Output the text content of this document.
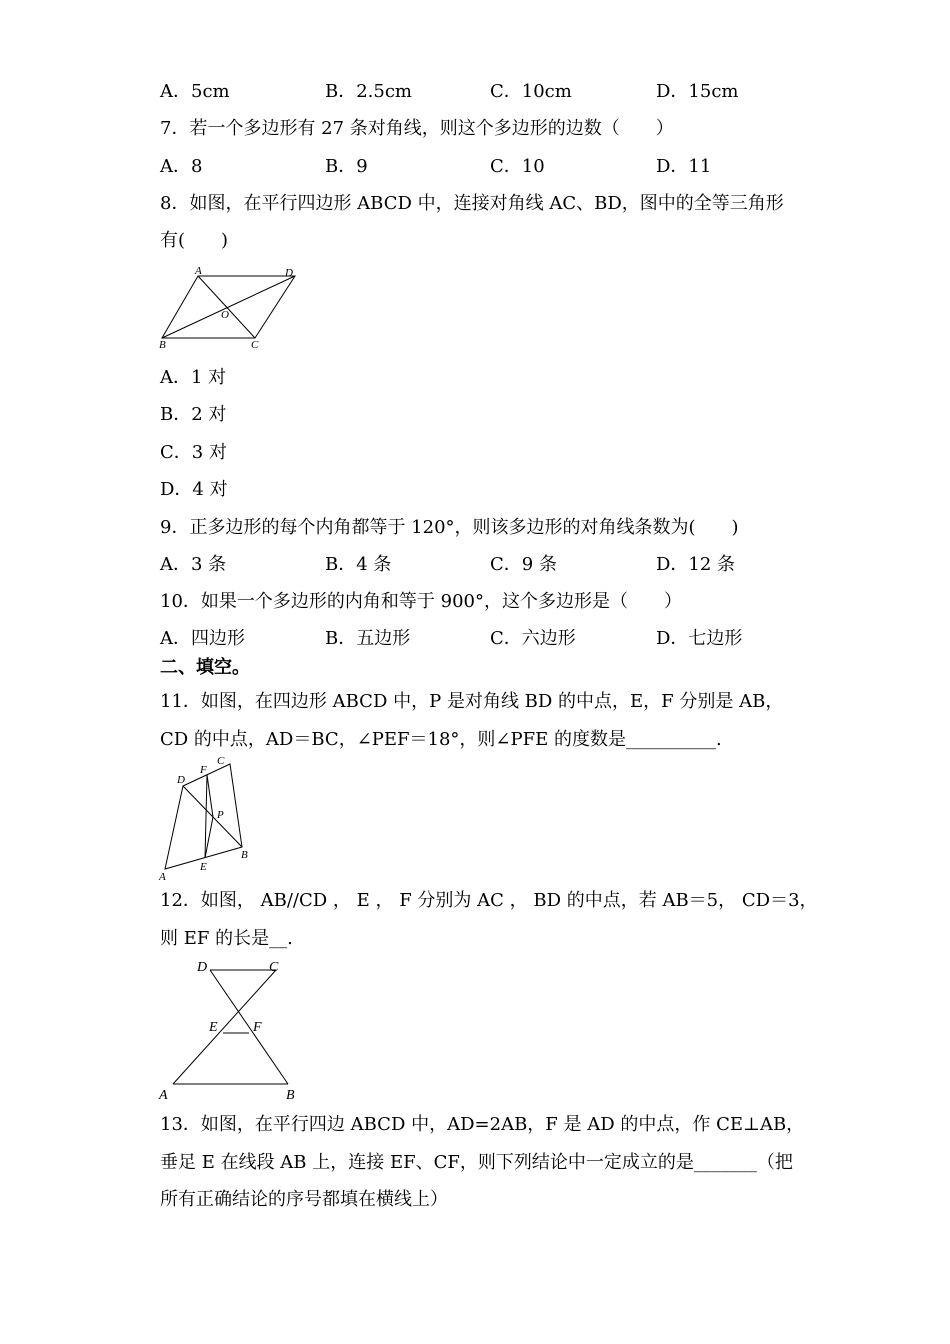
A．5cm	B．2.5cm	C．10cm	D．15cm
7．若一个多边形有 27 条对角线，则这个多边形的边数（　　）
A．8	B．9	C．10	D．11
8．如图，在平行四边形 ABCD 中，连接对角线 AC、BD，图中的全等三角形
有(　　)
A	D
B	C
O
A．1 对
B．2 对
C．3 对
D．4 对
9．正多边形的每个内角都等于 120°，则该多边形的对角线条数为(　　)
A．3 条	B．4 条	C．9 条	D．12 条
10．如果一个多边形的内角和等于 900°，这个多边形是（　　）
A．四边形	B．五边形	C．六边形	D．七边形
二、填空。
11．如图，在四边形 ABCD 中，P 是对角线 BD 的中点，E，F 分别是 AB，
CD 的中点，AD＝BC，∠PEF＝18°，则∠PFE 的度数是__________.
D
F
C
P
B
E
A
12．如图， AB//CD ， E ， F 分别为 AC ， BD 的中点，若 AB＝5， CD＝3，
则 EF 的长是__.
D	C
E	F
A	B
13．如图，在平行四边 ABCD 中，AD=2AB，F 是 AD 的中点，作 CE⊥AB，
垂足 E 在线段 AB 上，连接 EF、CF，则下列结论中一定成立的是_______（把
所有正确结论的序号都填在横线上）
